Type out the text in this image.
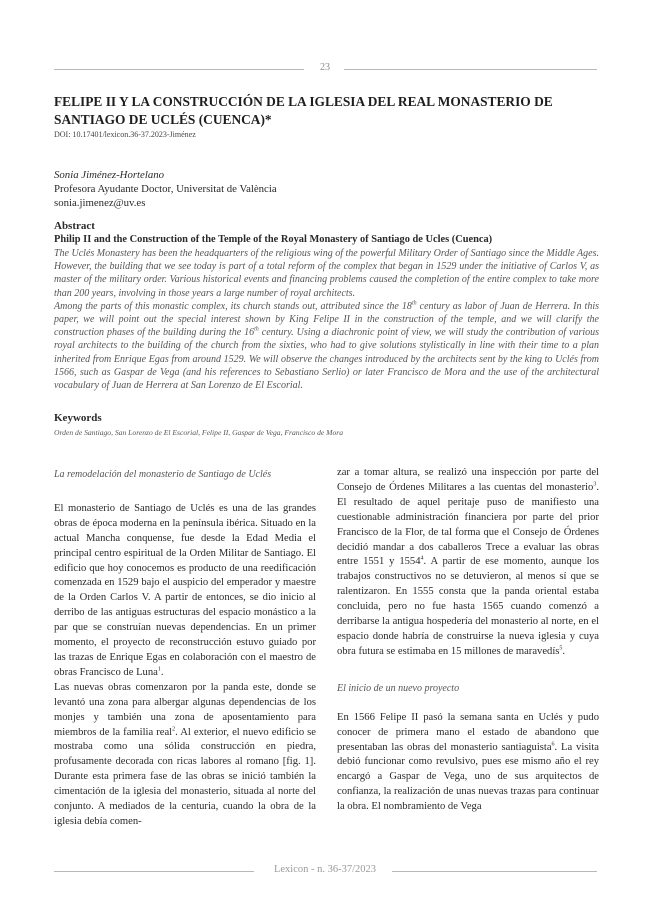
23
FELIPE II Y LA CONSTRUCCIÓN DE LA IGLESIA DEL REAL MONASTERIO DE SANTIAGO DE UCLÉS (CUENCA)*
DOI: 10.17401/lexicon.36-37.2023-Jiménez
Sonia Jiménez-Hortelano
Profesora Ayudante Doctor, Universitat de València
sonia.jimenez@uv.es
Abstract
Philip II and the Construction of the Temple of the Royal Monastery of Santiago de Ucles (Cuenca)

The Uclés Monastery has been the headquarters of the religious wing of the powerful Military Order of Santiago since the Middle Ages. However, the building that we see today is part of a total reform of the complex that began in 1529 under the initiative of Carlos V, as master of the military order. Various historical events and financing problems caused the completion of the entire complex to take more than 200 years, involving in those years a large number of royal architects.

Among the parts of this monastic complex, its church stands out, attributed since the 18th century as labor of Juan de Herrera. In this paper, we will point out the special interest shown by King Felipe II in the construction of the temple, and we will clarify the construction phases of the building during the 16th century. Using a diachronic point of view, we will study the contribution of various royal architects to the building of the church from the sixties, who had to give solutions stylistically in line with their time to a plan inherited from Enrique Egas from around 1529. We will observe the changes introduced by the architects sent by the king to Uclés from 1566, such as Gaspar de Vega (and his references to Sebastiano Serlio) or later Francisco de Mora and the use of the architectural vocabulary of Juan de Herrera at San Lorenzo de El Escorial.

Keywords
Orden de Santiago, San Lorenzo de El Escorial, Felipe II, Gaspar de Vega, Francisco de Mora

La remodelación del monasterio de Santiago de Uclés

El monasterio de Santiago de Uclés es una de las grandes obras de época moderna en la península ibérica. Situado en la actual Mancha conquense, fue desde la Edad Media el principal centro espiritual de la Orden Militar de Santiago. El edificio que hoy conocemos es producto de una reedificación comenzada en 1529 bajo el auspicio del emperador y maestre de la Orden Carlos V. A partir de entonces, se dio inicio al derribo de las antiguas estructuras del espacio monástico a la par que se construían nuevas dependencias. En un primer momento, el proyecto de reconstrucción estuvo guiado por las trazas de Enrique Egas en colaboración con el maestro de obras Francisco de Luna$^1$.

Las nuevas obras comenzaron por la panda este, donde se levantó una zona para albergar algunas dependencias de los monjes y también una zona de aposentamiento para miembros de la familia real$^2$. Al exterior, el nuevo edificio se mostraba como una sólida construcción en piedra, profusamente decorada con ricas labores al romano [fig. 1]. Durante esta primera fase de las obras se inició también la cimentación de la iglesia del monasterio, situada al norte del conjunto. A mediados de la centuria, cuando la obra de la iglesia debía comen-

zar a tomar altura, se realizó una inspección por parte del Consejo de Órdenes Militares a las cuentas del monasterio$^3$. El resultado de aquel peritaje puso de manifiesto una cuestionable administración financiera por parte del prior Francisco de la Flor, de tal forma que el Consejo de Órdenes decidió mandar a dos caballeros Trece a evaluar las obras entre 1551 y 1554$^4$. A partir de ese momento, aunque los trabajos constructivos no se detuvieron, al menos sí que se ralentizaron. En 1555 consta que la panda oriental estaba concluida, pero no fue hasta 1565 cuando comenzó a derribarse la antigua hospedería del monasterio al norte, en el espacio donde habría de construirse la nueva iglesia y cuya obra futura se estimaba en 15 millones de maravedís$^5$.

El inicio de un nuevo proyecto

En 1566 Felipe II pasó la semana santa en Uclés y pudo conocer de primera mano el estado de abandono que presentaban las obras del monasterio santiaguista$^6$. La visita debió funcionar como revulsivo, pues ese mismo año el rey encargó a Gaspar de Vega, uno de sus arquitectos de confianza, la realización de unas nuevas trazas para continuar la obra. El nombramiento de Vega

Lexicon - n. 36-37/2023
